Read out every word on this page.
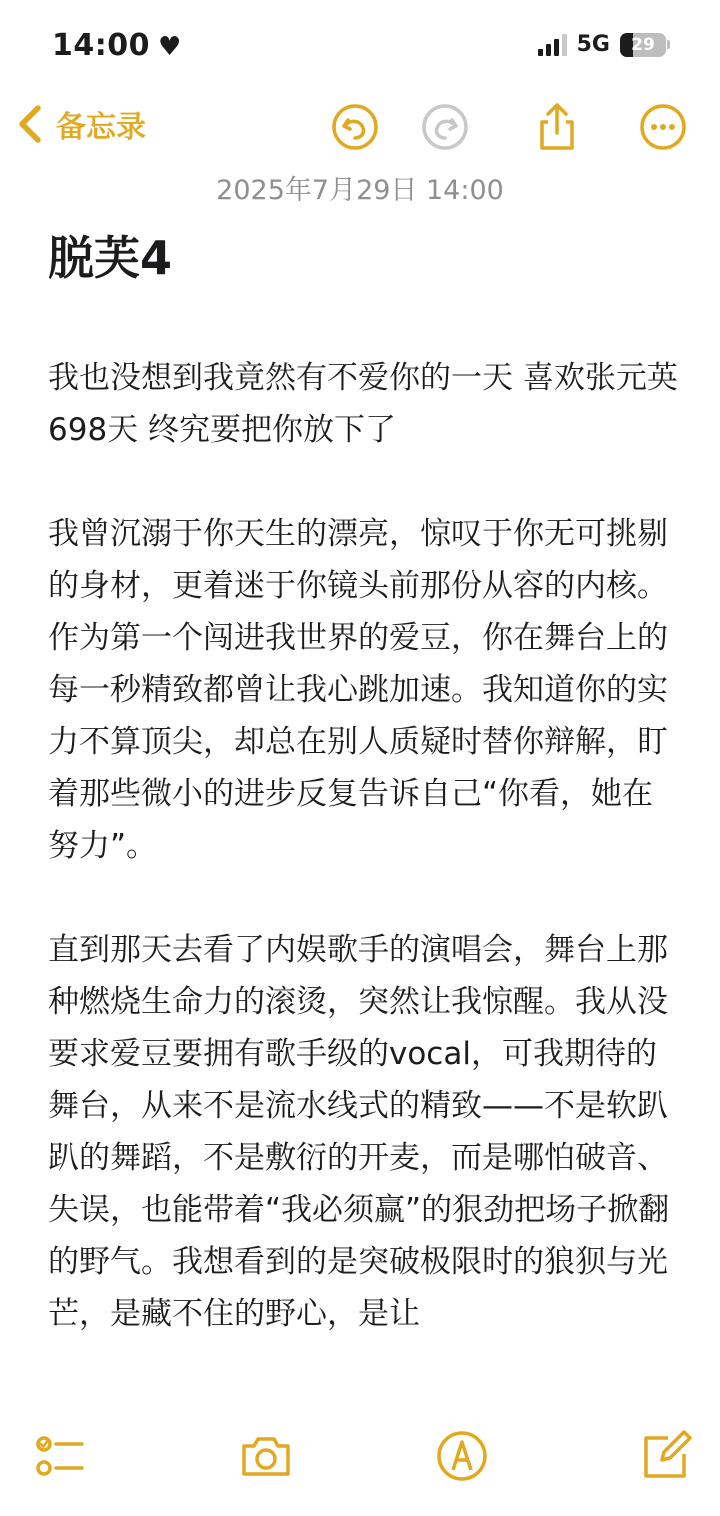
14:00 ♥	5G 29
备忘录
2025年7月29日 14:00
脱芙4

我也没想到我竟然有不爱你的一天 喜欢张元英698天 终究要把你放下了

我曾沉溺于你天生的漂亮，惊叹于你无可挑剔的身材，更着迷于你镜头前那份从容的内核。作为第一个闯进我世界的爱豆，你在舞台上的每一秒精致都曾让我心跳加速。我知道你的实力不算顶尖，却总在别人质疑时替你辩解，盯着那些微小的进步反复告诉自己“你看，她在努力”。

直到那天去看了内娱歌手的演唱会，舞台上那种燃烧生命力的滚烫，突然让我惊醒。我从没要求爱豆要拥有歌手级的vocal，可我期待的舞台，从来不是流水线式的精致——不是软趴趴的舞蹈，不是敷衍的开麦，而是哪怕破音、失误，也能带着“我必须赢”的狠劲把场子掀翻的野气。我想看到的是突破极限时的狼狈与光芒，是藏不住的野心，是让
